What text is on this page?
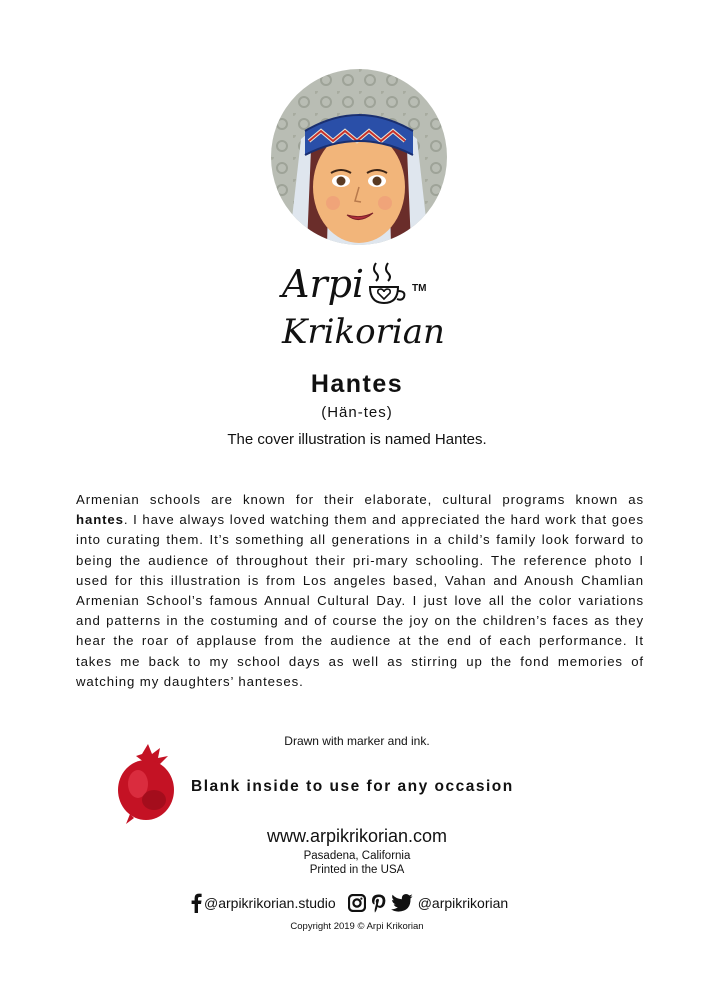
Arpi
Krikorian
TM
Hantes
(Hän-tes)
The cover illustration is named Hantes.

Armenian schools are known for their elaborate, cultural programs known as hantes. I have always loved watching them and appreciated the hard work that goes into curating them. It’s something all generations in a child’s family look forward to being the audience of throughout their pri-mary schooling. The reference photo I used for this illustration is from Los angeles based, Vahan and Anoush Chamlian Armenian School’s famous Annual Cultural Day. I just love all the color variations and patterns in the costuming and of course the joy on the children’s faces as they hear the roar of applause from the audience at the end of each performance. It takes me back to my school days as well as stirring up the fond memories of watching my daughters’ hanteses.

Drawn with marker and ink.
Blank inside to use for any occasion
www.arpikrikorian.com
Pasadena, California
Printed in the USA
@arpikrikorian.studio	@arpikrikorian
Copyright 2019 © Arpi Krikorian
